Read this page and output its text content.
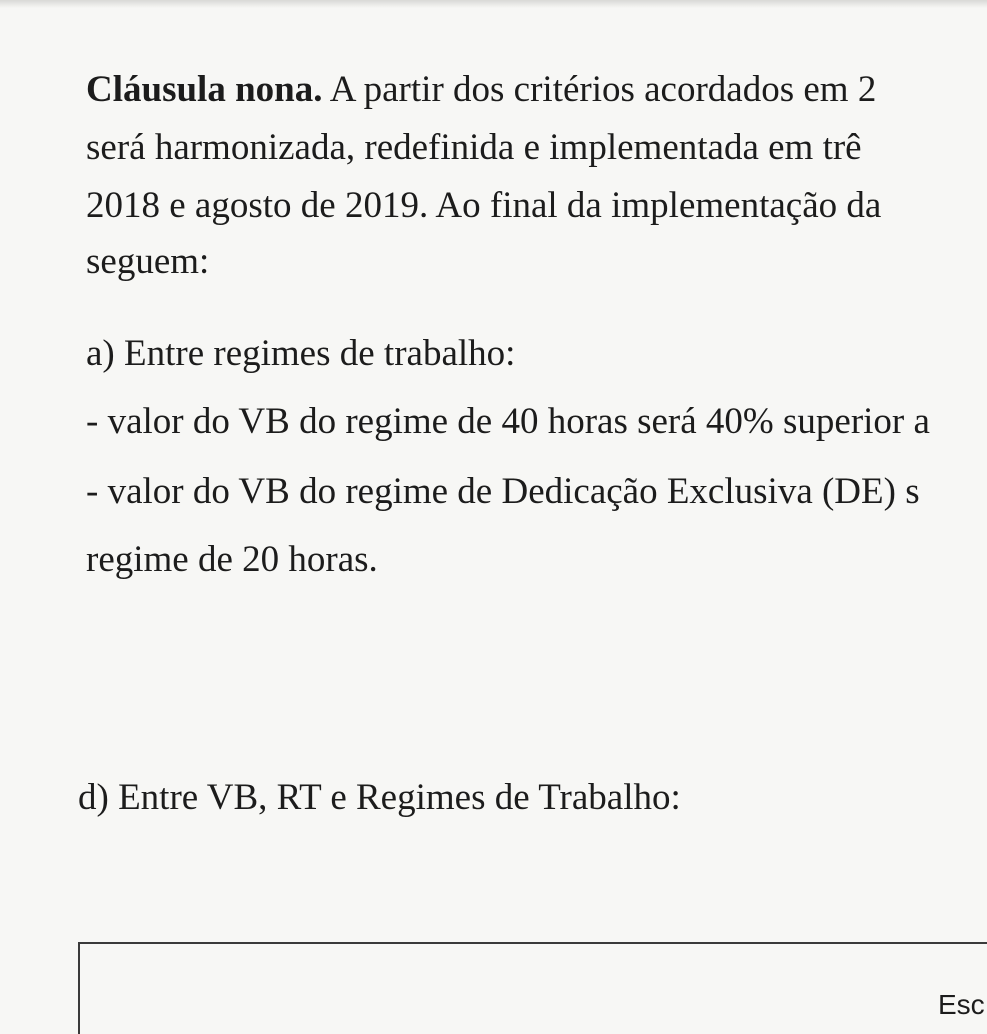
Cláusula nona. A partir dos critérios acordados em 2
será harmonizada, redefinida e implementada em trê
2018 e agosto de 2019. Ao final da implementação da
seguem:
a) Entre regimes de trabalho:
- valor do VB do regime de 40 horas será 40% superior a
- valor do VB do regime de Dedicação Exclusiva (DE) s
regime de 20 horas.
d) Entre VB, RT e Regimes de Trabalho:
Esc
